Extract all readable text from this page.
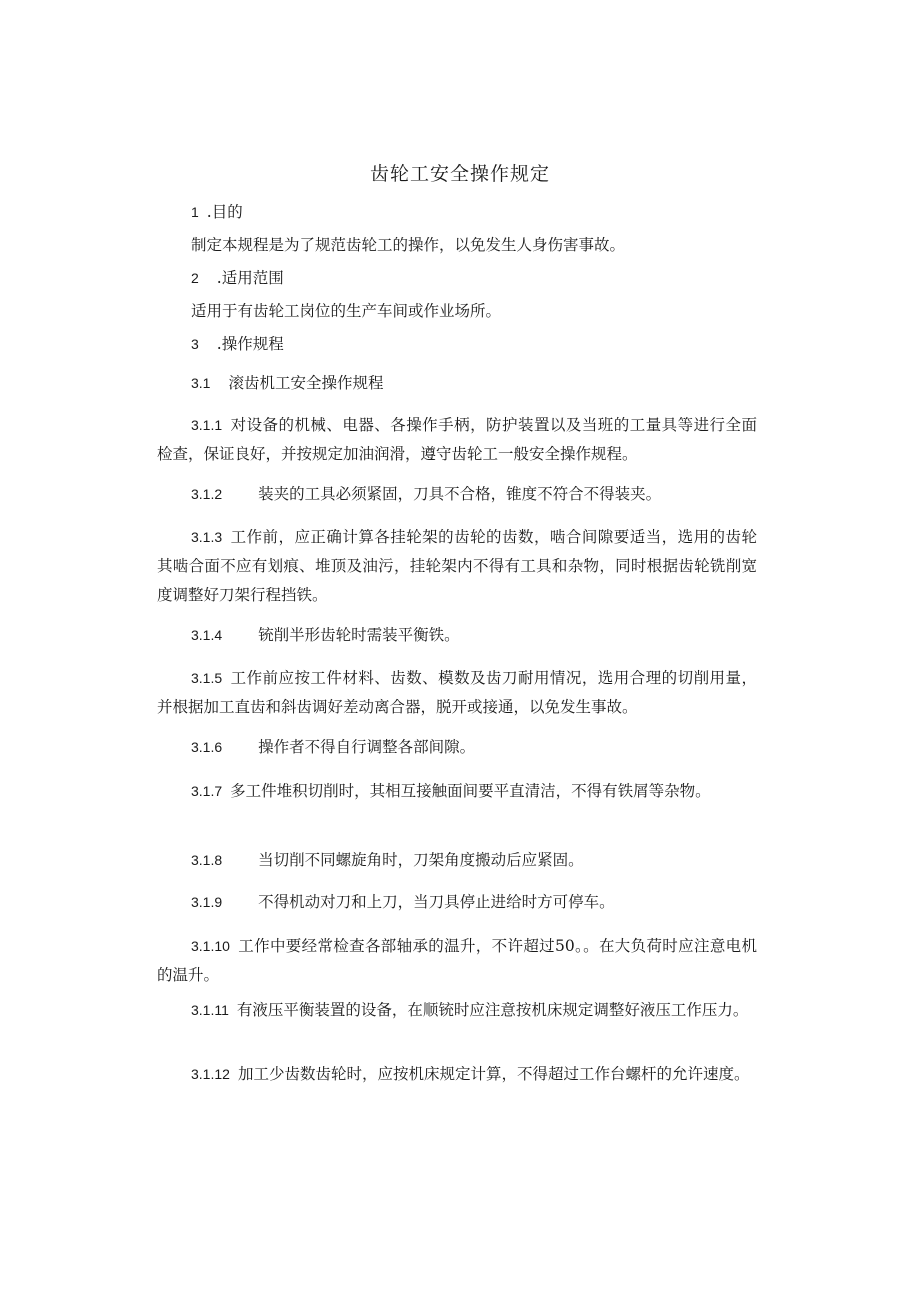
齿轮工安全操作规定
1 .目的
制定本规程是为了规范齿轮工的操作，以免发生人身伤害事故。
2 .适用范围
适用于有齿轮工岗位的生产车间或作业场所。
3 .操作规程
3.1 滚齿机工安全操作规程
3.1.1 对设备的机械、电器、各操作手柄，防护装置以及当班的工量具等进行全面检查，保证良好，并按规定加油润滑，遵守齿轮工一般安全操作规程。
3.1.2 装夹的工具必须紧固，刀具不合格，锥度不符合不得装夹。
3.1.3 工作前，应正确计算各挂轮架的齿轮的齿数，啮合间隙要适当，选用的齿轮其啮合面不应有划痕、堆顶及油污，挂轮架内不得有工具和杂物，同时根据齿轮铣削宽度调整好刀架行程挡铁。
3.1.4 铳削半形齿轮时需装平衡铁。
3.1.5 工作前应按工件材料、齿数、模数及齿刀耐用情况，选用合理的切削用量，并根据加工直齿和斜齿调好差动离合器，脱开或接通，以免发生事故。
3.1.6 操作者不得自行调整各部间隙。
3.1.7 多工件堆积切削时，其相互接触面间要平直清洁，不得有铁屑等杂物。
3.1.8 当切削不同螺旋角时，刀架角度搬动后应紧固。
3.1.9 不得机动对刀和上刀，当刀具停止进给时方可停车。
3.1.10 工作中要经常检查各部轴承的温升，不许超过50。。在大负荷时应注意电机的温升。
3.1.11 有液压平衡装置的设备，在顺铳时应注意按机床规定调整好液压工作压力。
3.1.12 加工少齿数齿轮时，应按机床规定计算，不得超过工作台螺杆的允许速度。
